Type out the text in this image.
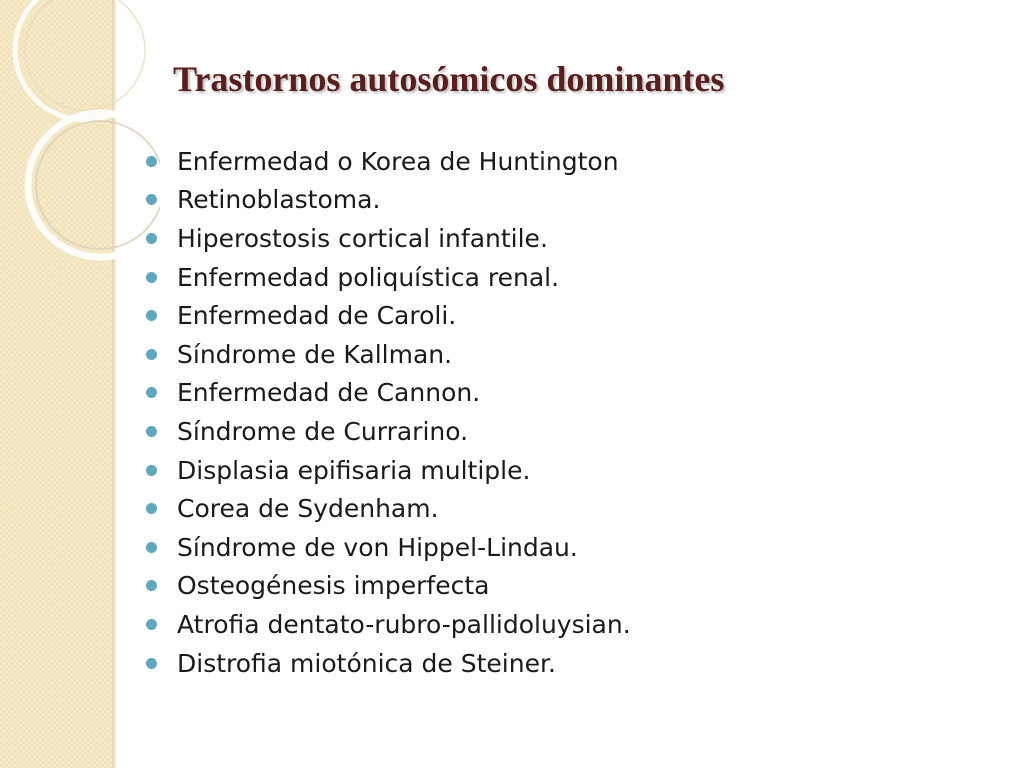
Trastornos autosómicos dominantes
Enfermedad o Korea de Huntington
Retinoblastoma.
Hiperostosis cortical infantile.
Enfermedad poliquística renal.
Enfermedad de Caroli.
Síndrome de Kallman.
Enfermedad de Cannon.
Síndrome de Currarino.
Displasia epifisaria multiple.
Corea de Sydenham.
Síndrome de von Hippel-Lindau.
Osteogénesis imperfecta
Atrofia dentato-rubro-pallidoluysian.
Distrofia miotónica de Steiner.
